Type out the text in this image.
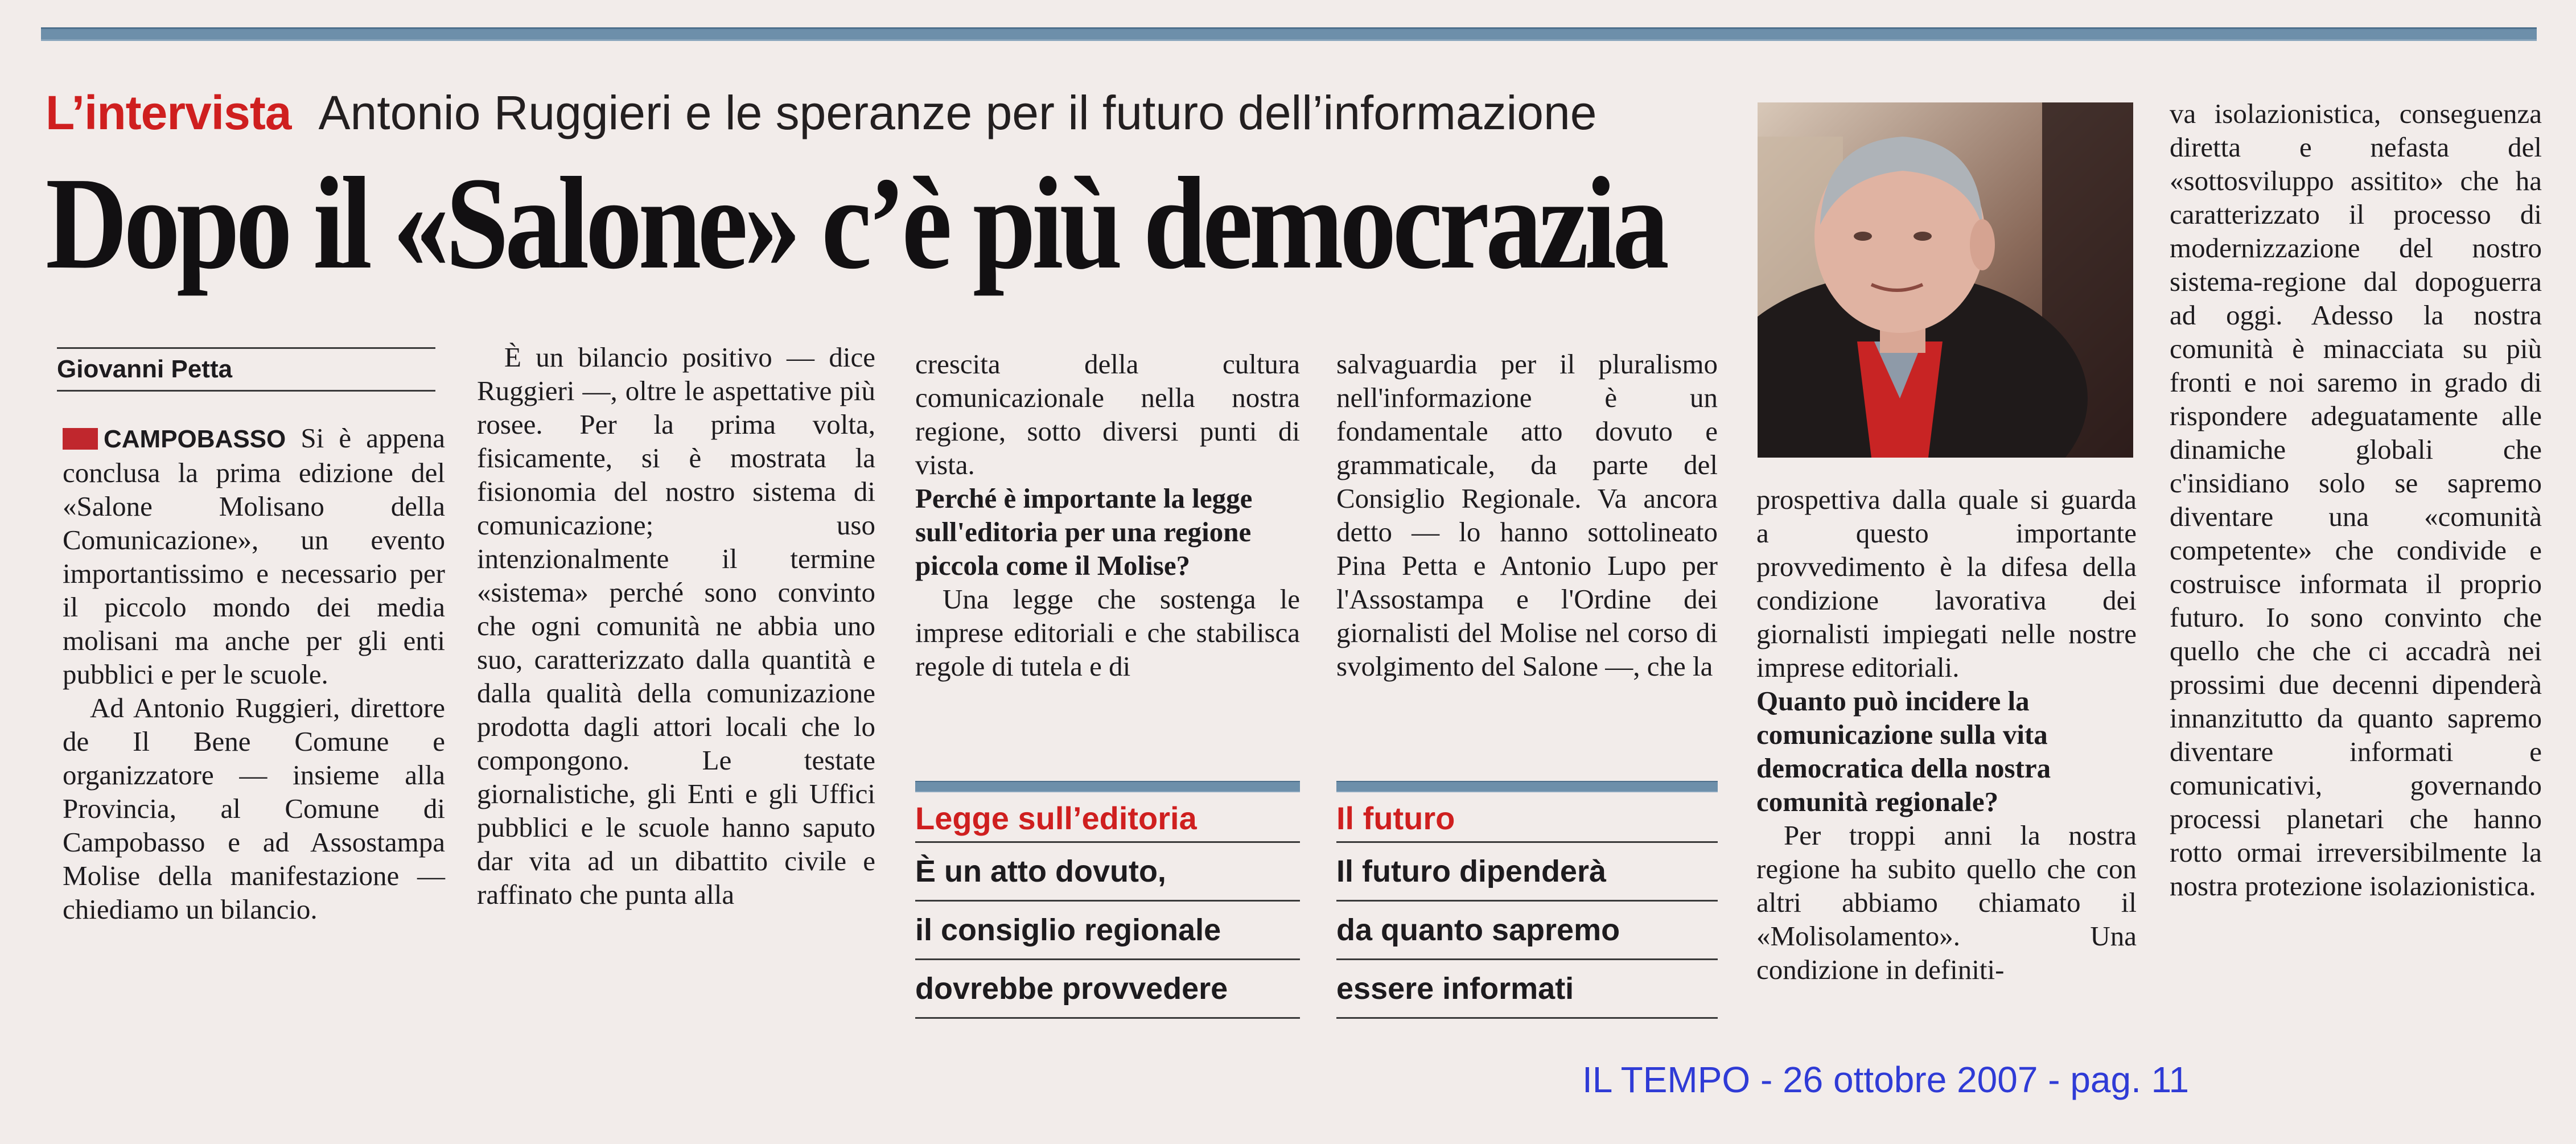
L’intervista Antonio Ruggieri e le speranze per il futuro dell’informazione
Dopo il «Salone» c’è più democrazia
Giovanni Petta

CAMPOBASSO Si è appena conclusa la prima edizione del «Salone Molisano della Comunicazione», un evento importantissimo e necessario per il piccolo mondo dei media molisani ma anche per gli enti pubblici e per le scuole.

Ad Antonio Ruggieri, direttore de Il Bene Comune e organizzatore — insieme alla Provincia, al Comune di Campobasso e ad Assostampa Molise della manifestazione — chiediamo un bilancio.

È un bilancio positivo — dice Ruggieri —, oltre le aspettative più rosee. Per la prima volta, fisicamente, si è mostrata la fisionomia del nostro sistema di comunicazione; uso intenzionalmente il termine «sistema» perché sono convinto che ogni comunità ne abbia uno suo, caratterizzato dalla quantità e dalla qualità della comunizazione prodotta dagli attori locali che lo compongono. Le testate giornalistiche, gli Enti e gli Uffici pubblici e le scuole hanno saputo dar vita ad un dibattito civile e raffinato che punta alla

crescita della cultura comunicazionale nella nostra regione, sotto diversi punti di vista.

Perché è importante la legge sull'editoria per una regione piccola come il Molise?

Una legge che sostenga le imprese editoriali e che stabilisca regole di tutela e di

salvaguardia per il pluralismo nell'informazione è un fondamentale atto dovuto e grammaticale, da parte del Consiglio Regionale. Va ancora detto — lo hanno sottolineato Pina Petta e Antonio Lupo per l'Assostampa e l'Ordine dei giornalisti del Molise nel corso di svolgimento del Salone —, che la

prospettiva dalla quale si guarda a questo importante provvedimento è la difesa della condizione lavorativa dei giornalisti impiegati nelle nostre imprese editoriali.

Quanto può incidere la comunicazione sulla vita democratica della nostra comunità regionale?

Per troppi anni la nostra regione ha subito quello che con altri abbiamo chiamato il «Molisolamento». Una condizione in definiti-

va isolazionistica, conseguenza diretta e nefasta del «sottosviluppo assitito» che ha caratterizzato il processo di modernizzazione del nostro sistema-regione dal dopoguerra ad oggi. Adesso la nostra comunità è minacciata su più fronti e noi saremo in grado di rispondere adeguatamente alle dinamiche globali che c'insidiano solo se sapremo diventare una «comunità competente» che condivide e costruisce informata il proprio futuro. Io sono convinto che quello che che ci accadrà nei prossimi due decenni dipenderà innanzitutto da quanto sapremo diventare informati e comunicativi, governando processi planetari che hanno rotto ormai irreversibilmente la nostra protezione isolazionistica.

Legge sull’editoria
È un atto dovuto,
il consiglio regionale
dovrebbe provvedere
Il futuro
Il futuro dipenderà
da quanto sapremo
essere informati
IL TEMPO - 26 ottobre 2007 - pag. 11
